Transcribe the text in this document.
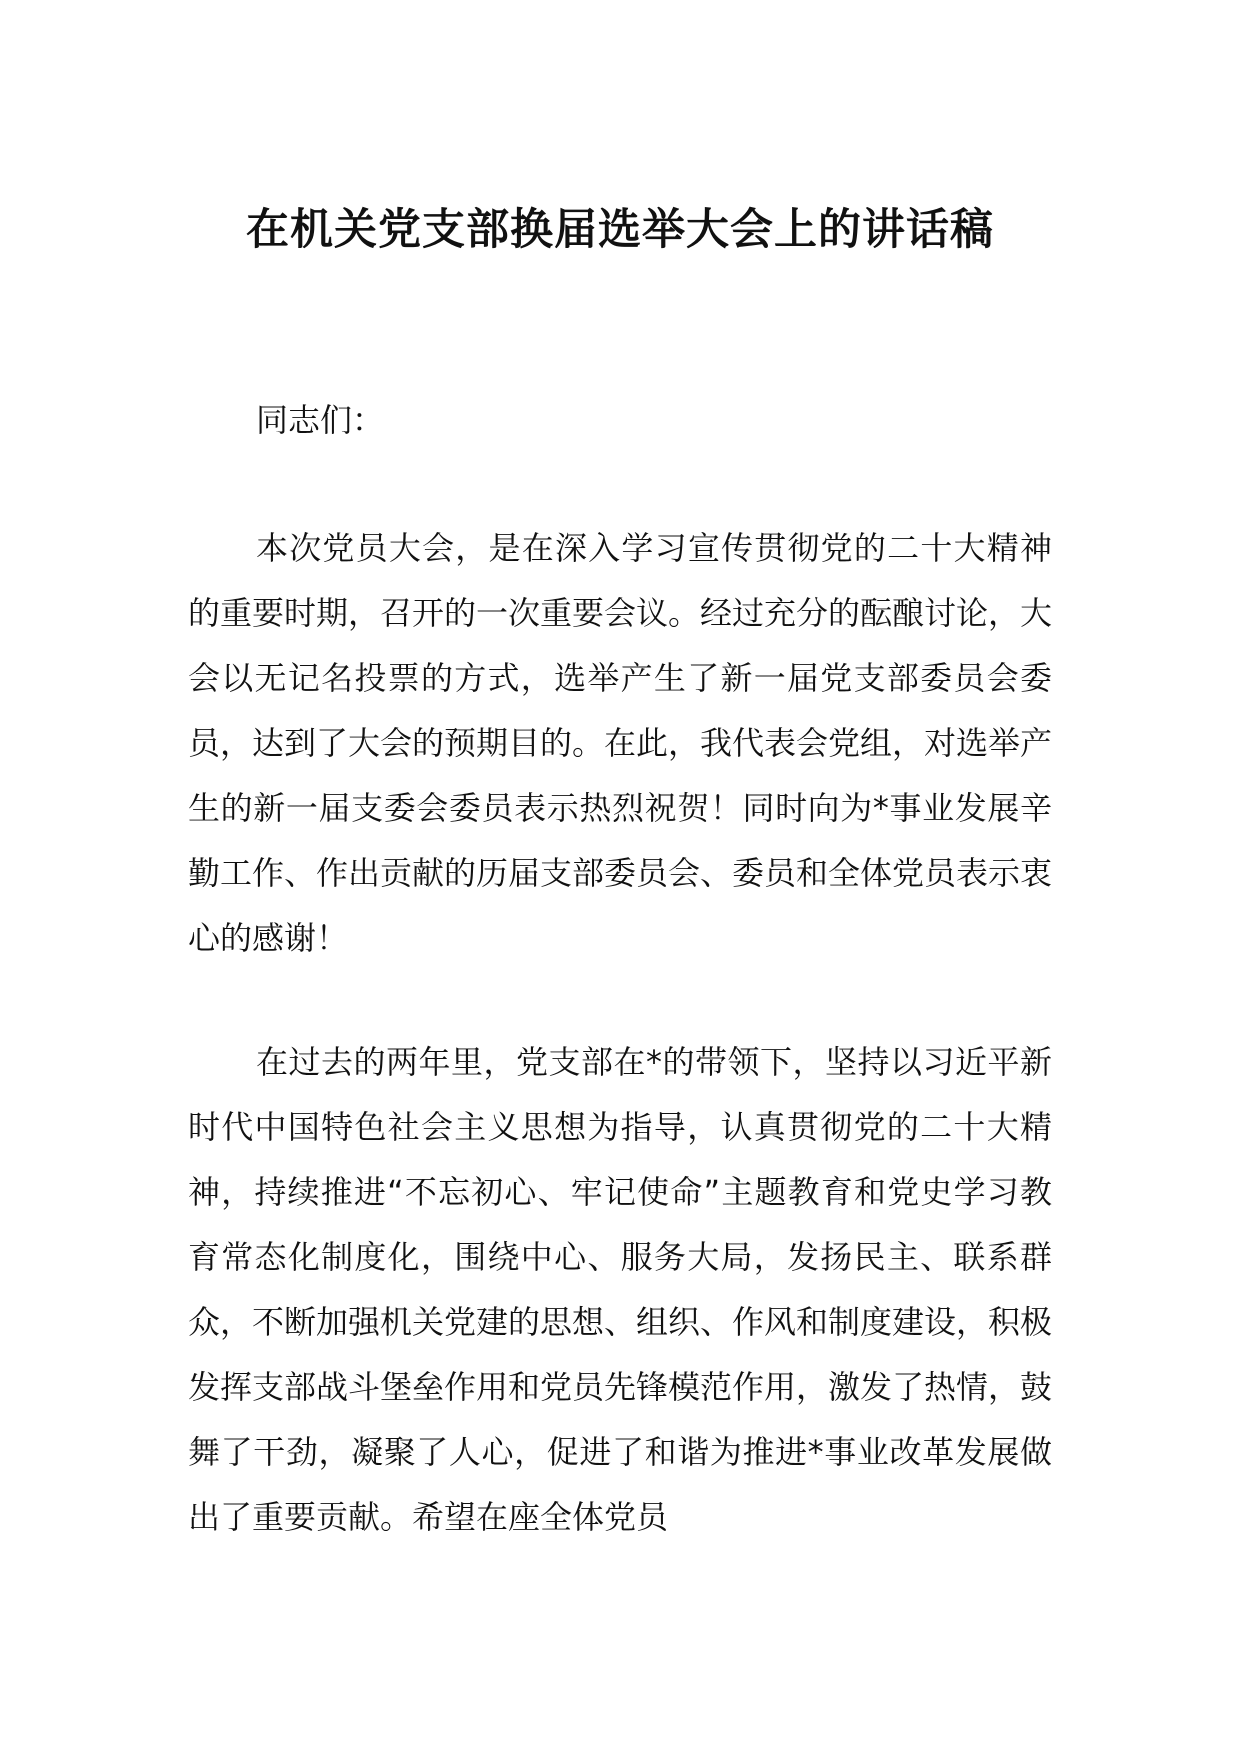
在机关党支部换届选举大会上的讲话稿

同志们：

本次党员大会，是在深入学习宣传贯彻党的二十大精神的重要时期，召开的一次重要会议。经过充分的酝酿讨论，大会以无记名投票的方式，选举产生了新一届党支部委员会委员，达到了大会的预期目的。在此，我代表会党组，对选举产生的新一届支委会委员表示热烈祝贺！同时向为*事业发展辛勤工作、作出贡献的历届支部委员会、委员和全体党员表示衷心的感谢！

在过去的两年里，党支部在*的带领下，坚持以习近平新时代中国特色社会主义思想为指导，认真贯彻党的二十大精神，持续推进“不忘初心、牢记使命”主题教育和党史学习教育常态化制度化，围绕中心、服务大局，发扬民主、联系群众，不断加强机关党建的思想、组织、作风和制度建设，积极发挥支部战斗堡垒作用和党员先锋模范作用，激发了热情，鼓舞了干劲，凝聚了人心，促进了和谐为推进*事业改革发展做出了重要贡献。希望在座全体党员
